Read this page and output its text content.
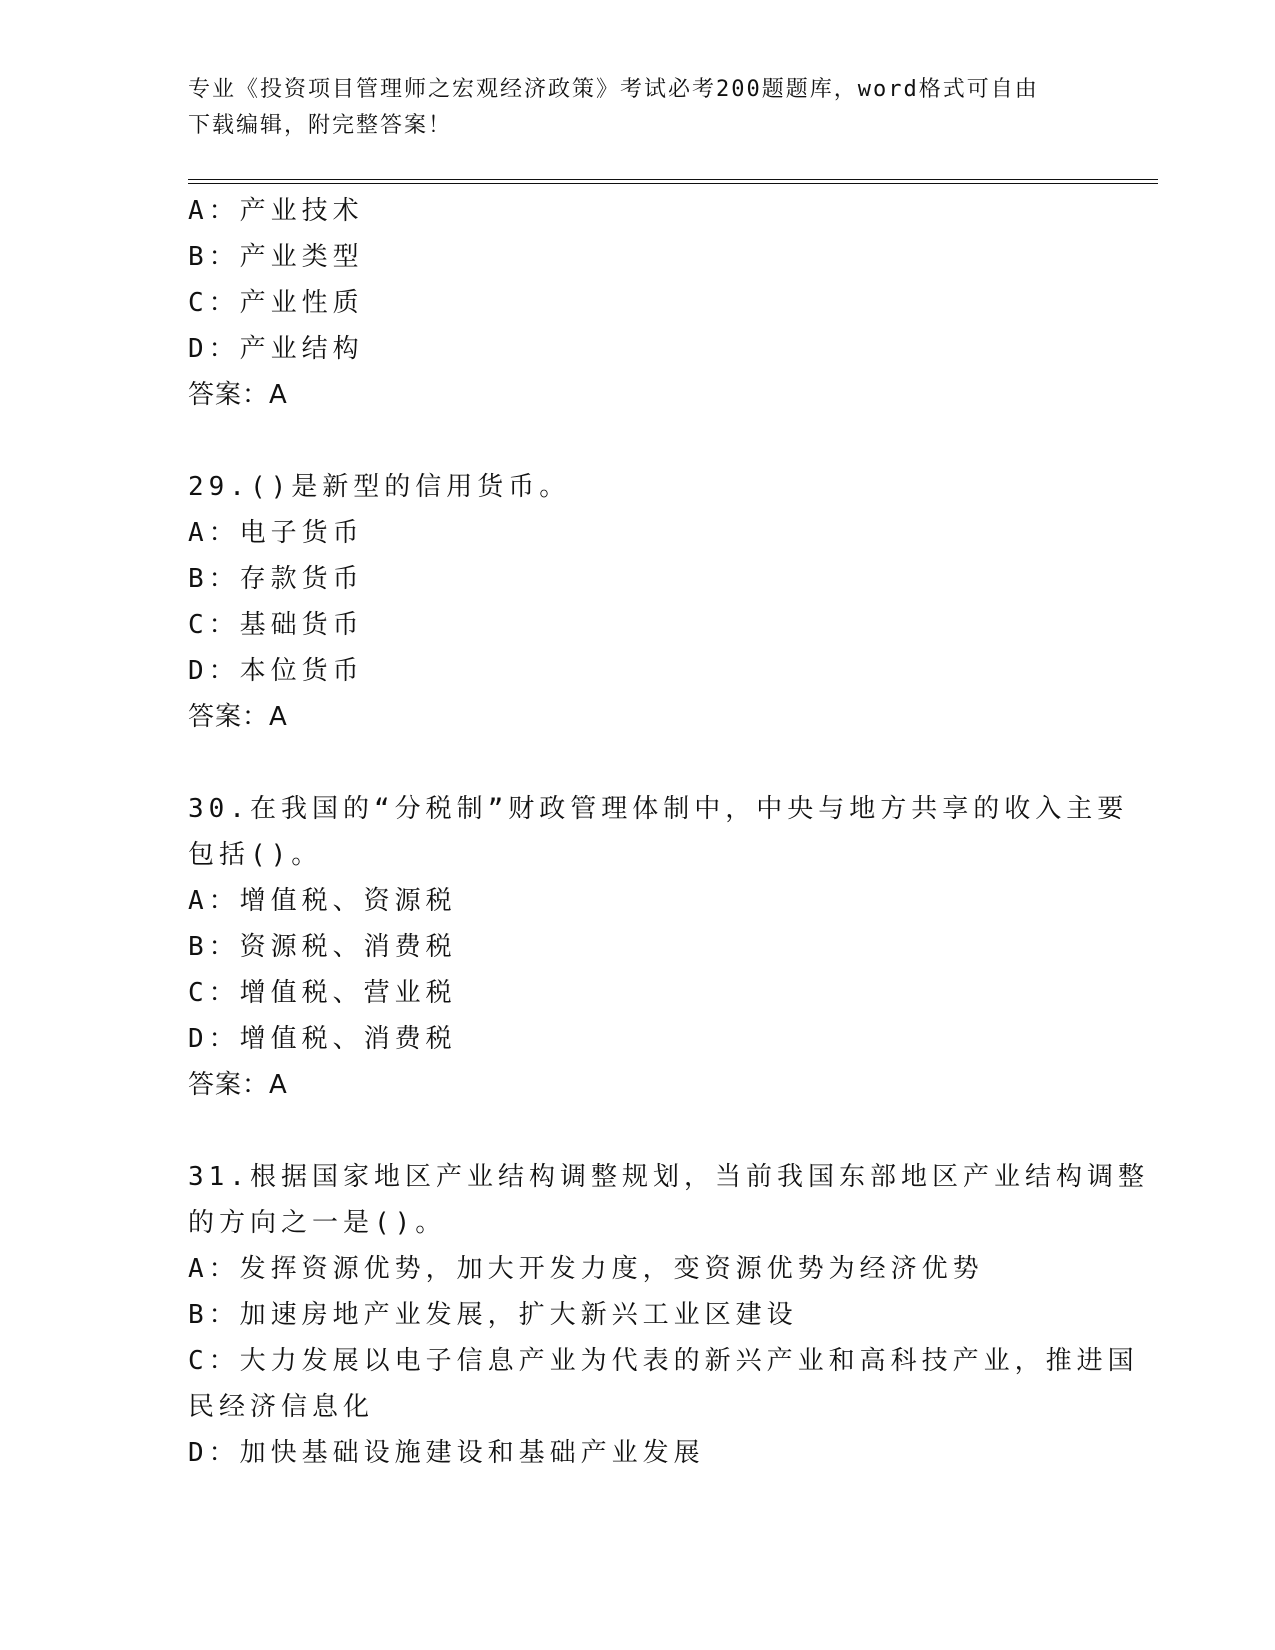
专业《投资项目管理师之宏观经济政策》考试必考200题题库，word格式可自由
下载编辑，附完整答案！
A：产业技术
B：产业类型
C：产业性质
D：产业结构
答案：A
29.()是新型的信用货币。
A：电子货币
B：存款货币
C：基础货币
D：本位货币
答案：A
30.在我国的“分税制”财政管理体制中，中央与地方共享的收入主要
包括()。
A：增值税、资源税
B：资源税、消费税
C：增值税、营业税
D：增值税、消费税
答案：A
31.根据国家地区产业结构调整规划，当前我国东部地区产业结构调整
的方向之一是()。
A：发挥资源优势，加大开发力度，变资源优势为经济优势
B：加速房地产业发展，扩大新兴工业区建设
C：大力发展以电子信息产业为代表的新兴产业和高科技产业，推进国
民经济信息化
D：加快基础设施建设和基础产业发展
